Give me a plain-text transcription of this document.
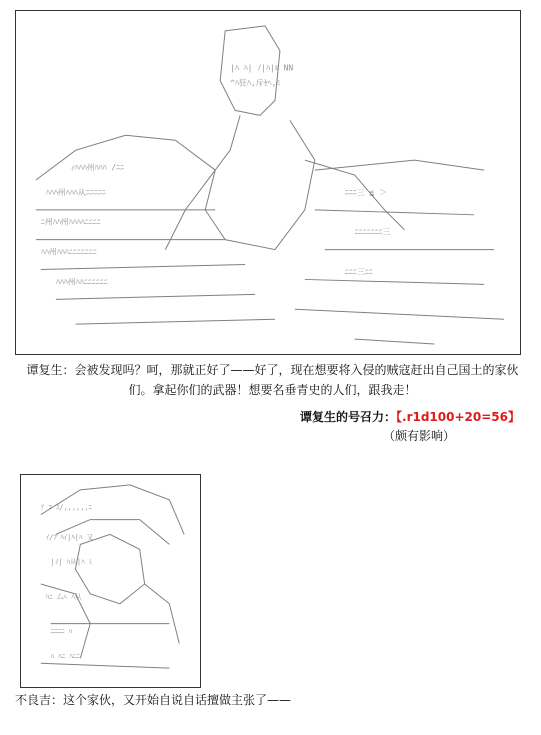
ｨﾊﾊﾊ州ﾊﾊﾊ /ﾆﾆ
ﾊﾊﾊ州ﾊﾊﾊ从ﾆﾆﾆﾆﾆ
ﾆ州ﾊﾊ州ﾊﾊﾊﾊﾆﾆﾆﾆ
ﾊﾊ州ﾊﾊﾊﾆﾆﾆﾆﾆﾆﾆ
ﾊﾊﾊ州ﾊﾊﾆﾆﾆﾆﾆﾆ
ﾆﾆﾆ三 ≦ ＞
ﾆﾆﾆﾆﾆﾆﾆ三
ﾆﾆﾆ三ﾆﾆ
|ﾊ ﾊ| ﾉ|ﾊ|ﾙ NN
^ﾊ狂ﾊ,斥ｾﾍ,ﾐ
谭复生：会被发现吗？呵，那就正好了——好了，现在想要将入侵的贼寇赶出自己国土的家伙们。拿起你们的武器！想要名垂青史的人们，跟我走！
谭复生的号召力：【.r1d100+20=56】
（颇有影响）
ｱ ﾌ ｽ/,,,,,,ﾆ
ｲ/ﾌﾞﾊｲ|ﾊ|ﾊ 又
|ｲ| ﾊ从|ﾊ ﾐ
ﾊﾆ 厶ﾍ ﾊ从
ﾆﾆﾆﾆ ﾊ
ﾊ ﾊﾆ ﾊﾆﾆ
不良吉：这个家伙，又开始自说自话擅做主张了——
